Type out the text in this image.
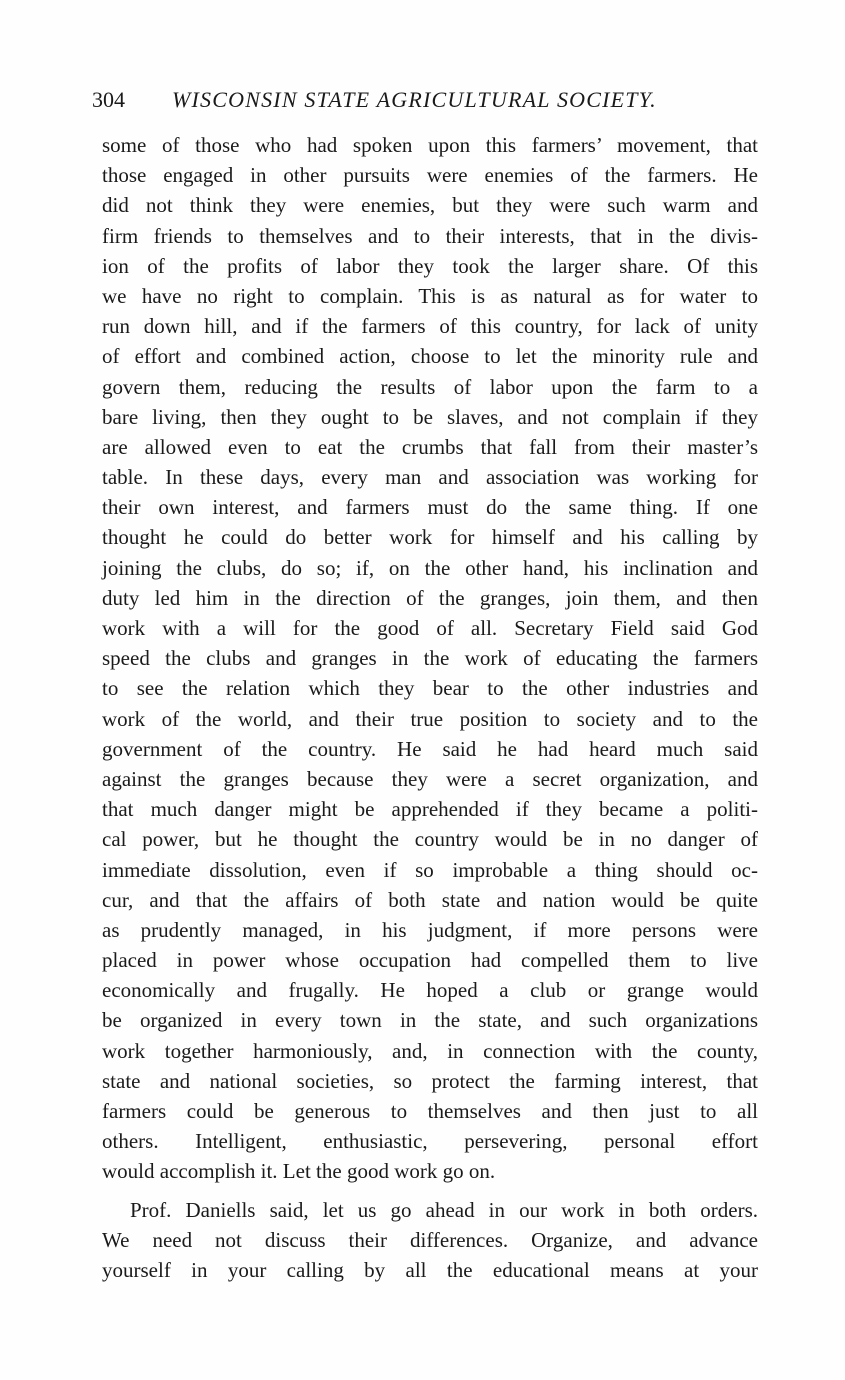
304 WISCONSIN STATE AGRICULTURAL SOCIETY.
some of those who had spoken upon this farmers’ movement, that
those engaged in other pursuits were enemies of the farmers. He
did not think they were enemies, but they were such warm and
firm friends to themselves and to their interests, that in the divis-
ion of the profits of labor they took the larger share. Of this
we have no right to complain. This is as natural as for water to
run down hill, and if the farmers of this country, for lack of unity
of effort and combined action, choose to let the minority rule and
govern them, reducing the results of labor upon the farm to a
bare living, then they ought to be slaves, and not complain if they
are allowed even to eat the crumbs that fall from their master’s
table. In these days, every man and association was working for
their own interest, and farmers must do the same thing. If one
thought he could do better work for himself and his calling by
joining the clubs, do so; if, on the other hand, his inclination and
duty led him in the direction of the granges, join them, and then
work with a will for the good of all. Secretary Field said God
speed the clubs and granges in the work of educating the farmers
to see the relation which they bear to the other industries and
work of the world, and their true position to society and to the
government of the country. He said he had heard much said
against the granges because they were a secret organization, and
that much danger might be apprehended if they became a politi-
cal power, but he thought the country would be in no danger of
immediate dissolution, even if so improbable a thing should oc-
cur, and that the affairs of both state and nation would be quite
as prudently managed, in his judgment, if more persons were
placed in power whose occupation had compelled them to live
economically and frugally. He hoped a club or grange would
be organized in every town in the state, and such organizations
work together harmoniously, and, in connection with the county,
state and national societies, so protect the farming interest, that
farmers could be generous to themselves and then just to all
others. Intelligent, enthusiastic, persevering, personal effort
would accomplish it. Let the good work go on.
Prof. Daniells said, let us go ahead in our work in both orders.
We need not discuss their differences. Organize, and advance
yourself in your calling by all the educational means at your
